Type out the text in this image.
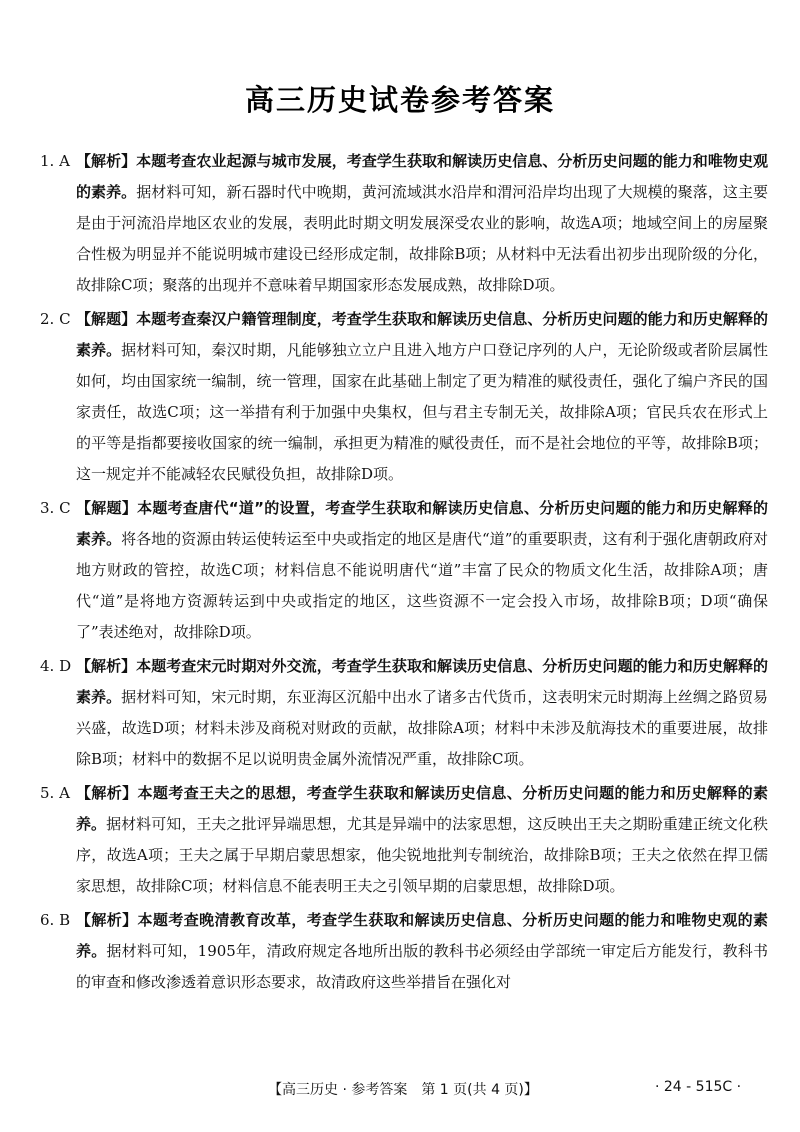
高三历史试卷参考答案
1. A 【解析】本题考查农业起源与城市发展，考查学生获取和解读历史信息、分析历史问题的能力和唯物史观的素养。据材料可知，新石器时代中晚期，黄河流域淇水沿岸和渭河沿岸均出现了大规模的聚落，这主要是由于河流沿岸地区农业的发展，表明此时期文明发展深受农业的影响，故选A项；地域空间上的房屋聚合性极为明显并不能说明城市建设已经形成定制，故排除B项；从材料中无法看出初步出现阶级的分化，故排除C项；聚落的出现并不意味着早期国家形态发展成熟，故排除D项。
2. C 【解题】本题考查秦汉户籍管理制度，考查学生获取和解读历史信息、分析历史问题的能力和历史解释的素养。据材料可知，秦汉时期，凡能够独立立户且进入地方户口登记序列的人户，无论阶级或者阶层属性如何，均由国家统一编制，统一管理，国家在此基础上制定了更为精准的赋役责任，强化了编户齐民的国家责任，故选C项；这一举措有利于加强中央集权，但与君主专制无关，故排除A项；官民兵农在形式上的平等是指都要接收国家的统一编制，承担更为精准的赋役责任，而不是社会地位的平等，故排除B项；这一规定并不能减轻农民赋役负担，故排除D项。
3. C 【解题】本题考查唐代“道”的设置，考查学生获取和解读历史信息、分析历史问题的能力和历史解释的素养。将各地的资源由转运使转运至中央或指定的地区是唐代“道”的重要职责，这有利于强化唐朝政府对地方财政的管控，故选C项；材料信息不能说明唐代“道”丰富了民众的物质文化生活，故排除A项；唐代“道”是将地方资源转运到中央或指定的地区，这些资源不一定会投入市场，故排除B项；D项“确保了”表述绝对，故排除D项。
4. D 【解析】本题考查宋元时期对外交流，考查学生获取和解读历史信息、分析历史问题的能力和历史解释的素养。据材料可知，宋元时期，东亚海区沉船中出水了诸多古代货币，这表明宋元时期海上丝绸之路贸易兴盛，故选D项；材料未涉及商税对财政的贡献，故排除A项；材料中未涉及航海技术的重要进展，故排除B项；材料中的数据不足以说明贵金属外流情况严重，故排除C项。
5. A 【解析】本题考查王夫之的思想，考查学生获取和解读历史信息、分析历史问题的能力和历史解释的素养。据材料可知，王夫之批评异端思想，尤其是异端中的法家思想，这反映出王夫之期盼重建正统文化秩序，故选A项；王夫之属于早期启蒙思想家，他尖锐地批判专制统治，故排除B项；王夫之依然在捍卫儒家思想，故排除C项；材料信息不能表明王夫之引领早期的启蒙思想，故排除D项。
6. B 【解析】本题考查晚清教育改革，考查学生获取和解读历史信息、分析历史问题的能力和唯物史观的素养。据材料可知，1905年，清政府规定各地所出版的教科书必须经由学部统一审定后方能发行，教科书的审查和修改渗透着意识形态要求，故清政府这些举措旨在强化对
【高三历史 · 参考答案　第 1 页(共 4 页)】	· 24 - 515C ·
